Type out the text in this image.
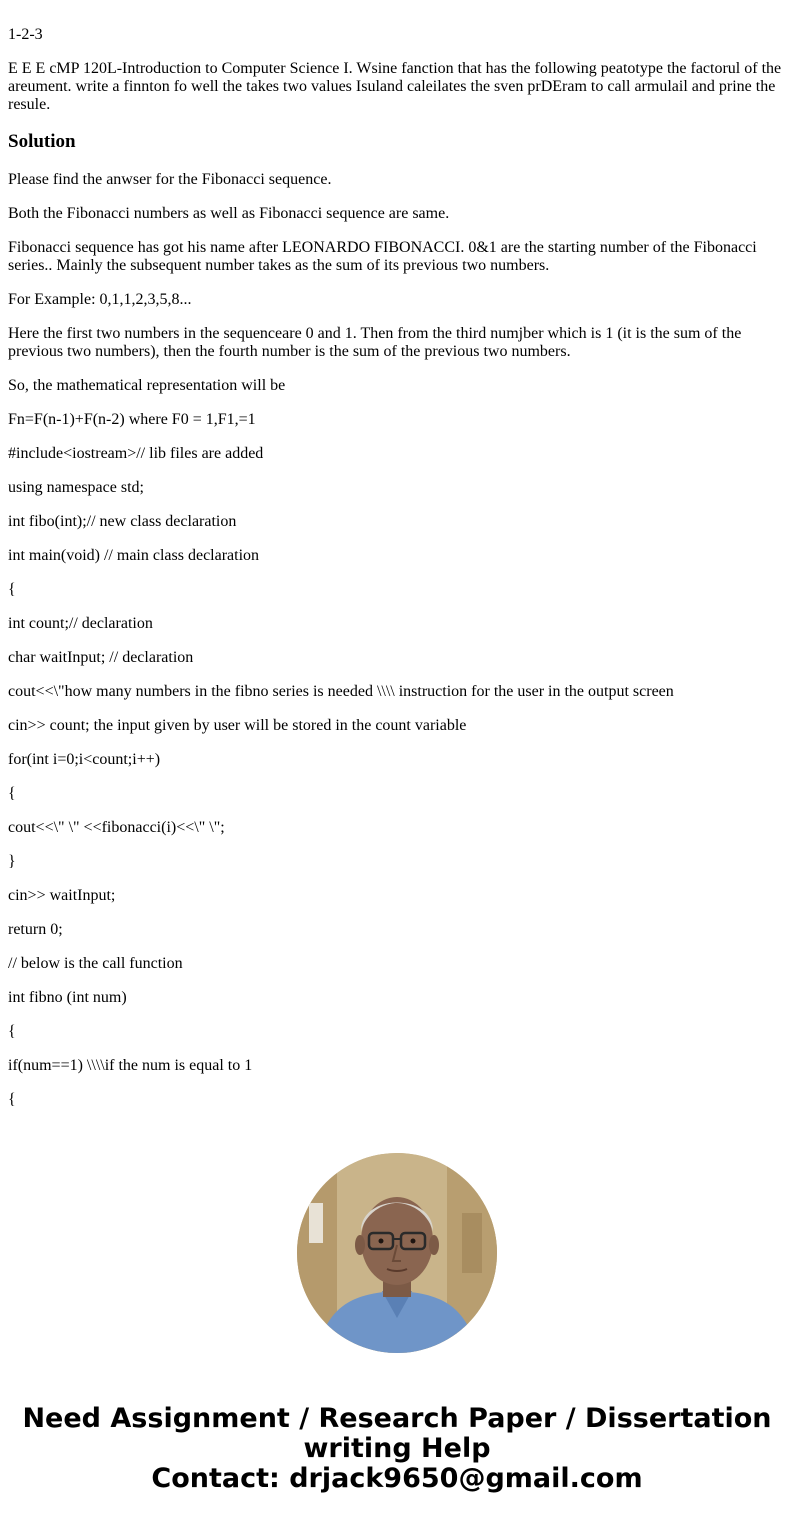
1-2-3

E E E cMP 120L-Introduction to Computer Science I. Wsine fanction that has the following peatotype the factorul of the areument. write a finnton fo well the takes two values Isuland caleilates the sven prDEram to call armulail and prine the resule.

Solution

Please find the anwser for the Fibonacci sequence.

Both the Fibonacci numbers as well as Fibonacci sequence are same.

Fibonacci sequence has got his name after LEONARDO FIBONACCI. 0&1 are the starting number of the Fibonacci series.. Mainly the subsequent number takes as the sum of its previous two numbers.

For Example: 0,1,1,2,3,5,8...

Here the first two numbers in the sequenceare 0 and 1. Then from the third numjber which is 1 (it is the sum of the previous two numbers), then the fourth number is the sum of the previous two numbers.

So, the mathematical representation will be

Fn=F(n-1)+F(n-2) where F0 = 1,F1,=1

#include<iostream>// lib files are added

using namespace std;

int fibo(int);// new class declaration

int main(void) // main class declaration

{

int count;// declaration

char waitInput; // declaration

cout<<\"how many numbers in the fibno series is needed \\\\ instruction for the user in the output screen

cin>> count; the input given by user will be stored in the count variable

for(int i=0;i<count;i++)

{

cout<<\" \" <<fibonacci(i)<<\" \";

}

cin>> waitInput;

return 0;

// below is the call function

int fibno (int num)

{

if(num==1) \\\\if the num is equal to 1

{

Need Assignment / Research Paper / Dissertation
writing Help
Contact: drjack9650@gmail.com
